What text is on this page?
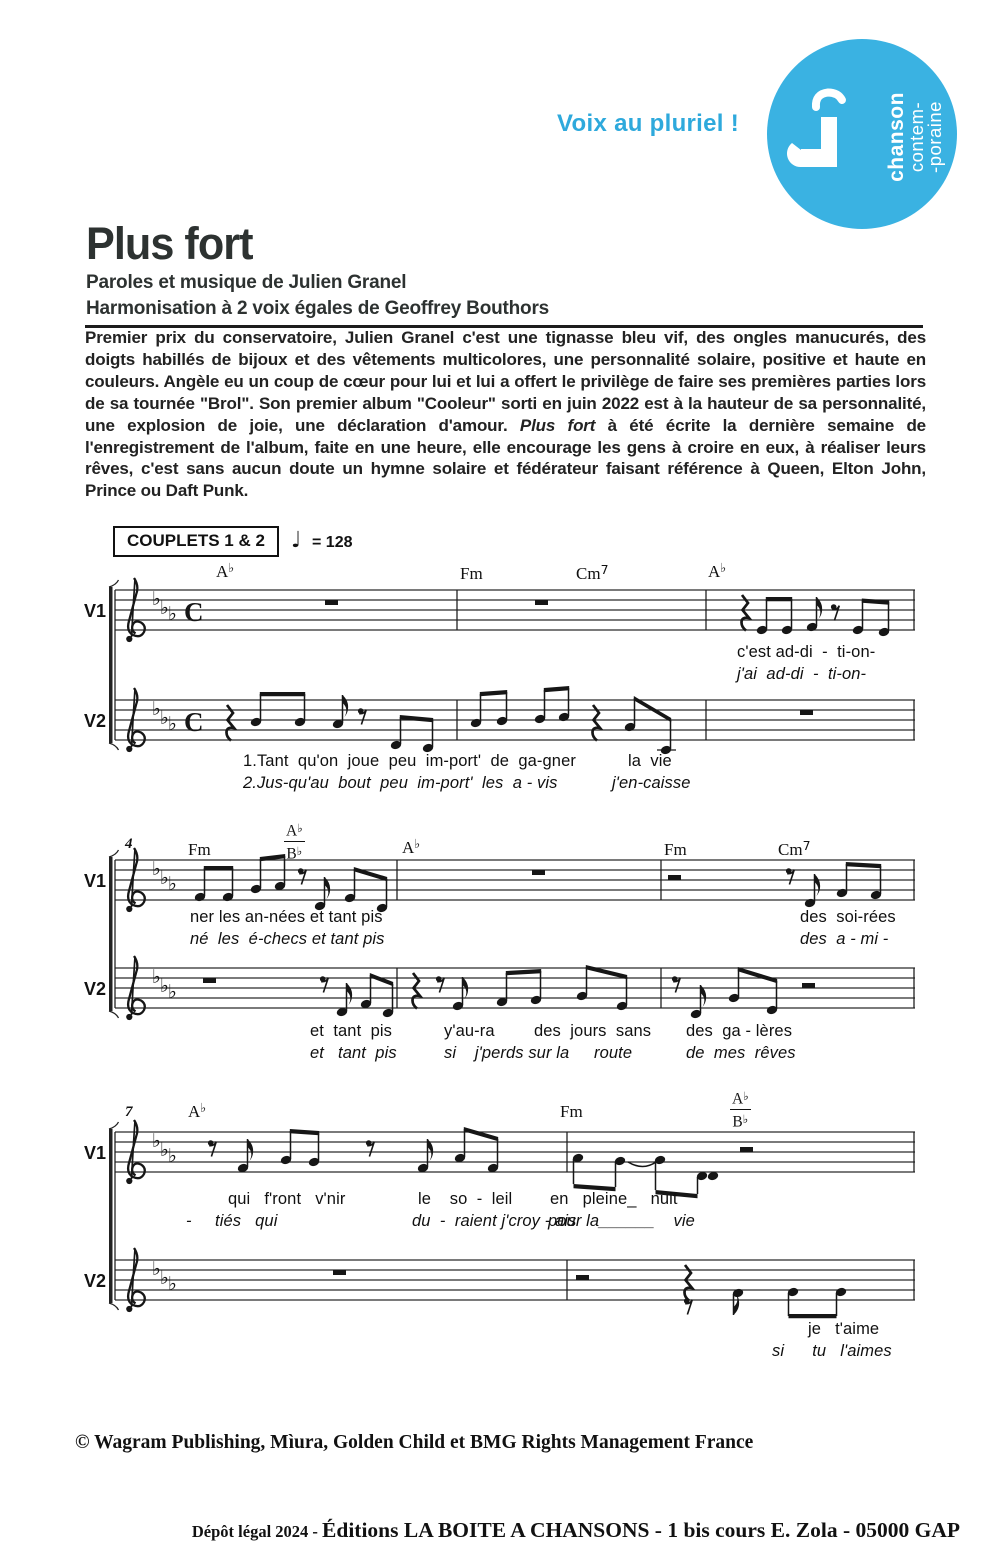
Voix au pluriel !	chanson
contem-
-poraine
Plus fort
Paroles et musique de Julien Granel
Harmonisation à 2 voix égales de Geoffrey Bouthors

Premier prix du conservatoire, Julien Granel c'est une tignasse bleu vif, des ongles manucurés, des doigts habillés de bijoux et des vêtements multicolores, une personnalité solaire, positive et haute en couleurs. Angèle eu un coup de cœur pour lui et lui a offert le privilège de faire ses premières parties lors de sa tournée "Brol". Son premier album "Cooleur" sorti en juin 2022 est à la hauteur de sa personnalité, une explosion de joie, une déclaration d'amour. Plus fort à été écrite la dernière semaine de l'enregistrement de l'album, faite en une heure, elle encourage les gens à croire en eux, à réaliser leurs rêves, c'est sans aucun doute un hymne solaire et fédérateur faisant référence à Queen, Elton John, Prince ou Daft Punk.

COUPLETS 1 & 2	♩ = 128
V1
V2
A♭	Fm	Cm$^7$	A♭
C
C
c'est ad-di  -  ti-on-
j'ai  ad-di  -  ti-on-
1.Tant  qu'on  joue  peu  im-port'  de  ga-gner	la  vie
2.Jus-qu'au  bout  peu  im-port'  les  a - vis	j'en-caisse
V1
V2
4	Fm	$\frac{A^♭}{B^♭}$	A♭	Fm	Cm$^7$
ner les an-nées et tant pis
né  les  é-checs et tant pis
des  soi-rées
des  a - mi -
et  tant  pis	y'au-ra des  jours  sans des  ga - lères
et   tant  pis	si    j'perds sur la route	de  mes  rêves
V1
V2
7	A♭	Fm	$\frac{A^♭}{B^♭}$
qui   f'ront   v'nir	le    so  -  leil en   pleine_   nuit
-     tiés   qui	du  -  raient j'croy - ais
pour la______    vie
je   t'aime
si      tu   l'aimes
© Wagram Publishing, Mìura, Golden Child et BMG Rights Management France

Dépôt légal 2024 - Éditions LA BOITE A CHANSONS - 1 bis cours E. Zola - 05000 GAP
